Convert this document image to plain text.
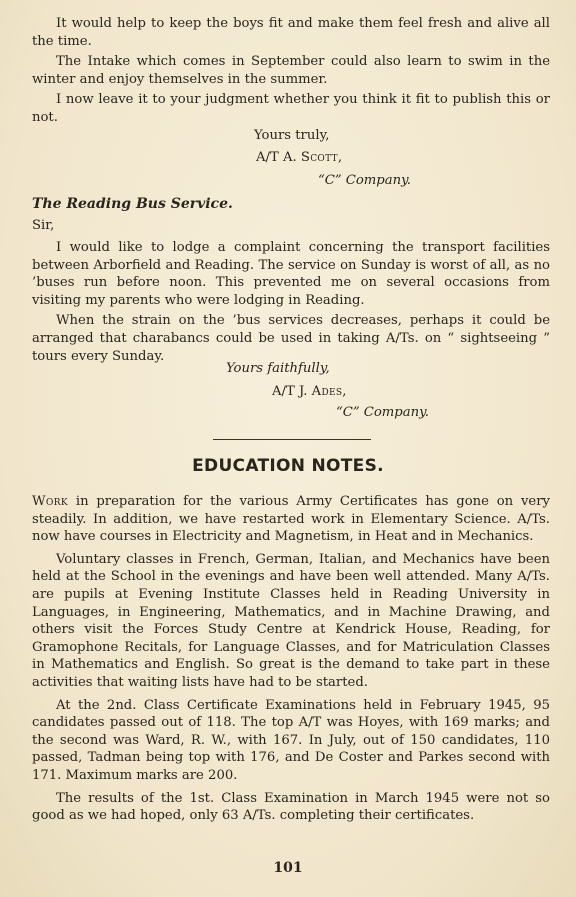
It would help to keep the boys fit and make them feel fresh and alive all the time.

The Intake which comes in September could also learn to swim in the winter and enjoy themselves in the summer.

I now leave it to your judgment whether you think it fit to publish this or not.

Yours truly,
A/T A. Scott,
“C” Company.
The Reading Bus Service.
Sir,

I would like to lodge a complaint concerning the transport facilities between Arborfield and Reading. The service on Sunday is worst of all, as no ’buses run before noon. This prevented me on several occasions from visiting my parents who were lodging in Reading.

When the strain on the ’bus services decreases, perhaps it could be arranged that charabancs could be used in taking A/Ts. on “ sightseeing ” tours every Sunday.

Yours faithfully,
A/T J. Ades,
“C” Company.
EDUCATION NOTES.

Work in preparation for the various Army Certificates has gone on very steadily. In addition, we have restarted work in Elementary Science. A/Ts. now have courses in Electricity and Magnetism, in Heat and in Mechanics.

Voluntary classes in French, German, Italian, and Mechanics have been held at the School in the evenings and have been well attended. Many A/Ts. are pupils at Evening Institute Classes held in Reading University in Languages, in Engineering, Mathematics, and in Machine Drawing, and others visit the Forces Study Centre at Kendrick House, Reading, for Gramophone Recitals, for Language Classes, and for Matriculation Classes in Mathematics and English. So great is the demand to take part in these activities that waiting lists have had to be started.

At the 2nd. Class Certificate Examinations held in February 1945, 95 candidates passed out of 118. The top A/T was Hoyes, with 169 marks; and the second was Ward, R. W., with 167. In July, out of 150 candidates, 110 passed, Tadman being top with 176, and De Coster and Parkes second with 171. Maximum marks are 200.

The results of the 1st. Class Examination in March 1945 were not so good as we had hoped, only 63 A/Ts. completing their certificates.

101
